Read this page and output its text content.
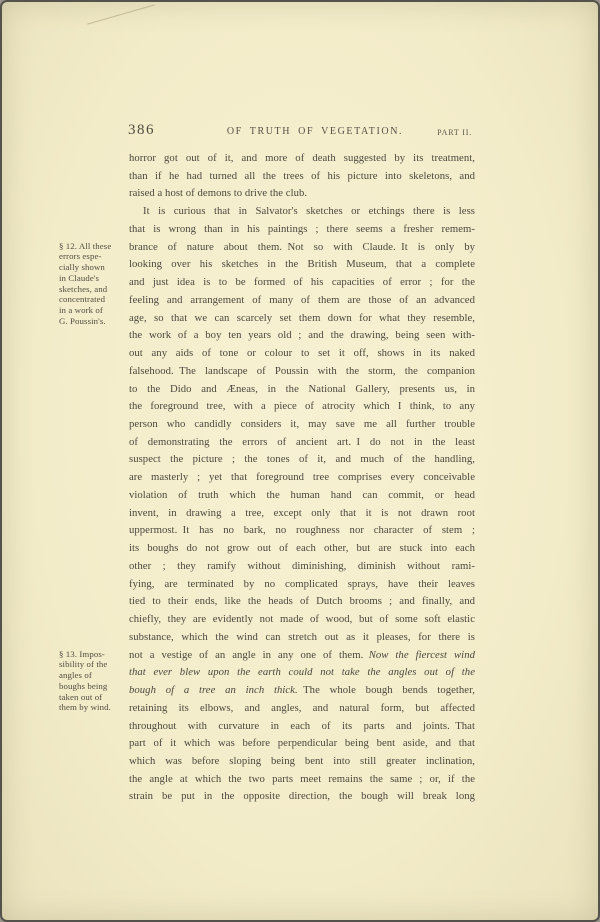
386	OF TRUTH OF VEGETATION.	PART II.
§ 12. All these
errors espe-
cially shown
in Claude's
sketches, and
concentrated
in a work of
G. Poussin's.
§ 13. Impos-
sibility of the
angles of
boughs being
taken out of
them by wind.
horror got out of it, and more of death suggested by its treatment,
than if he had turned all the trees of his picture into skeletons, and
raised a host of demons to drive the club.
It is curious that in Salvator's sketches or etchings there is less
that is wrong than in his paintings ; there seems a fresher remem-
brance of nature about them. Not so with Claude. It is only by
looking over his sketches in the British Museum, that a complete
and just idea is to be formed of his capacities of error ; for the
feeling and arrangement of many of them are those of an advanced
age, so that we can scarcely set them down for what they resemble,
the work of a boy ten years old ; and the drawing, being seen with-
out any aids of tone or colour to set it off, shows in its naked
falsehood. The landscape of Poussin with the storm, the companion
to the Dido and Æneas, in the National Gallery, presents us, in
the foreground tree, with a piece of atrocity which I think, to any
person who candidly considers it, may save me all further trouble
of demonstrating the errors of ancient art. I do not in the least
suspect the picture ; the tones of it, and much of the handling,
are masterly ; yet that foreground tree comprises every conceivable
violation of truth which the human hand can commit, or head
invent, in drawing a tree, except only that it is not drawn root
uppermost. It has no bark, no roughness nor character of stem ;
its boughs do not grow out of each other, but are stuck into each
other ; they ramify without diminishing, diminish without rami-
fying, are terminated by no complicated sprays, have their leaves
tied to their ends, like the heads of Dutch brooms ; and finally, and
chiefly, they are evidently not made of wood, but of some soft elastic
substance, which the wind can stretch out as it pleases, for there is
not a vestige of an angle in any one of them. Now the fiercest wind
that ever blew upon the earth could not take the angles out of the
bough of a tree an inch thick. The whole bough bends together,
retaining its elbows, and angles, and natural form, but affected
throughout with curvature in each of its parts and joints. That
part of it which was before perpendicular being bent aside, and that
which was before sloping being bent into still greater inclination,
the angle at which the two parts meet remains the same ; or, if the
strain be put in the opposite direction, the bough will break long
